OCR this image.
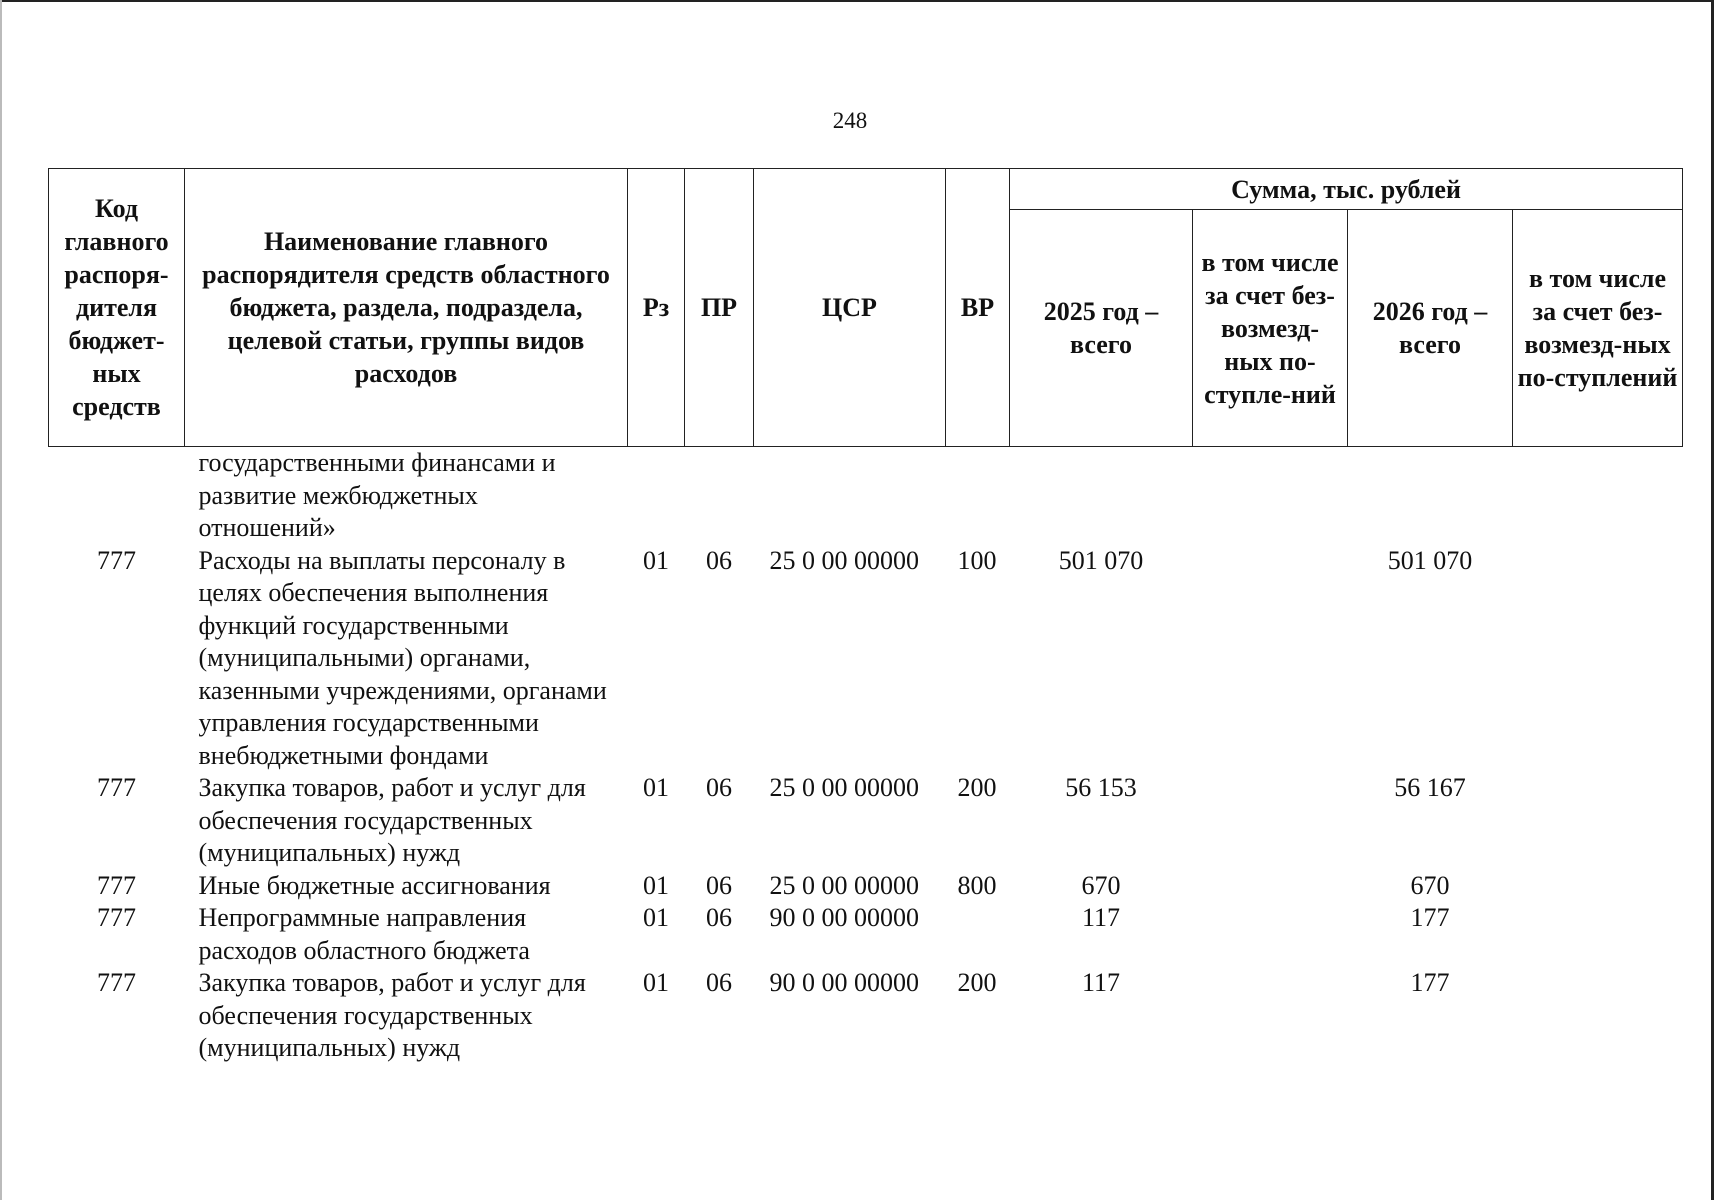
248
Код главного распоря-дителя бюджет-ных средств	Наименование главного распорядителя средств областного бюджета, раздела, подраздела, целевой статьи, группы видов расходов	Рз	ПР	ЦСР	ВР	Сумма, тыс. рублей			
						2025 год – всего	в том числе за счет без-возмезд-ных по-ступле-ний	2026 год – всего	в том числе за счет без-возмезд-ных по-ступлений
	государственными финансами и развитие межбюджетных отношений»								
777	Расходы на выплаты персоналу в целях обеспечения выполнения функций государственными (муниципальными) органами, казенными учреждениями, органами управления государственными внебюджетными фондами	01	06	25 0 00 00000	100	501 070		501 070	
777	Закупка товаров, работ и услуг для обеспечения государственных (муниципальных) нужд	01	06	25 0 00 00000	200	56 153		56 167	
777	Иные бюджетные ассигнования	01	06	25 0 00 00000	800	670		670	
777	Непрограммные направления расходов областного бюджета	01	06	90 0 00 00000		117		177	
777	Закупка товаров, работ и услуг для обеспечения государственных (муниципальных) нужд	01	06	90 0 00 00000	200	117		177	
